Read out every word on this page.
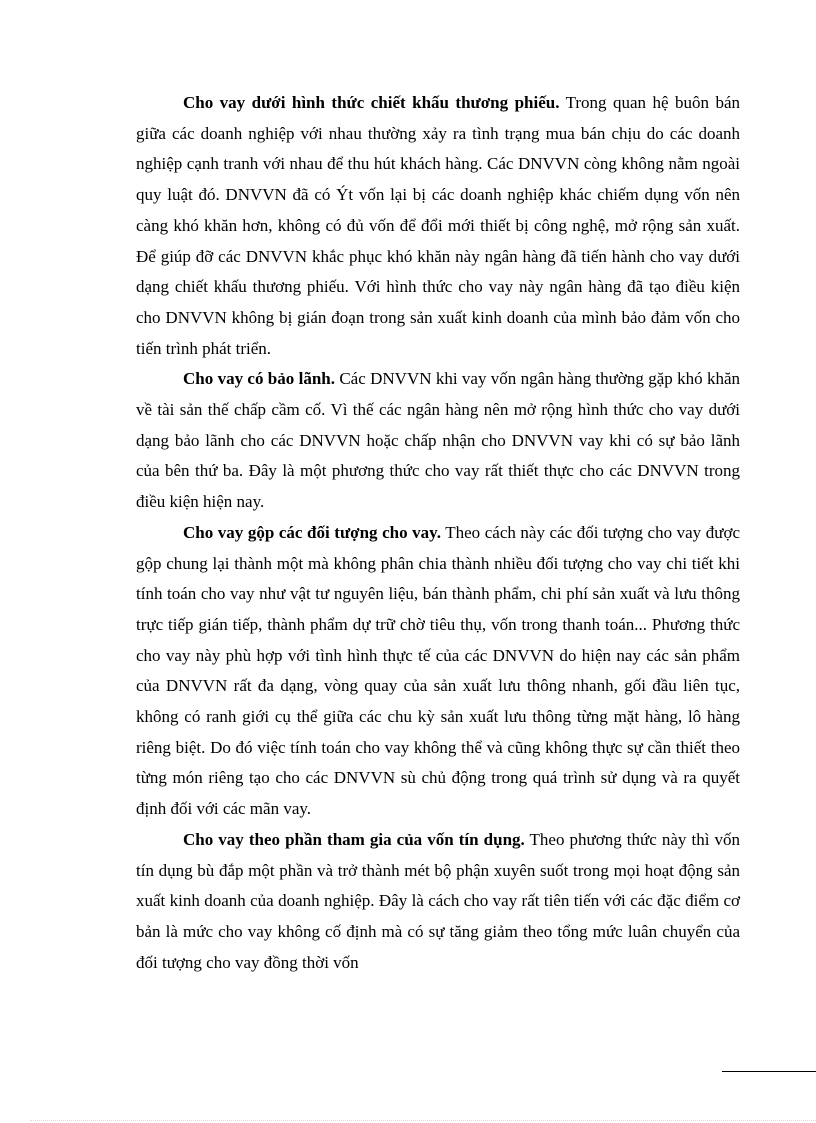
Cho vay dưới hình thức chiết khấu thương phiếu. Trong quan hệ buôn bán giữa các doanh nghiệp với nhau thường xảy ra tình trạng mua bán chịu do các doanh nghiệp cạnh tranh với nhau để thu hút khách hàng. Các DNVVN còng không nằm ngoài quy luật đó. DNVVN đã có Ýt vốn lại bị các doanh nghiệp khác chiếm dụng vốn nên càng khó khăn hơn, không có đủ vốn để đổi mới thiết bị công nghệ, mở rộng sản xuất. Để giúp đỡ các DNVVN khắc phục khó khăn này ngân hàng đã tiến hành cho vay dưới dạng chiết khấu thương phiếu. Với hình thức cho vay này ngân hàng đã tạo điều kiện cho DNVVN không bị gián đoạn trong sản xuất kinh doanh của mình bảo đảm vốn cho tiến trình phát triển.

Cho vay có bảo lãnh. Các DNVVN khi vay vốn ngân hàng thường gặp khó khăn về tài sản thế chấp cầm cố. Vì thế các ngân hàng nên mở rộng hình thức cho vay dưới dạng bảo lãnh cho các DNVVN hoặc chấp nhận cho DNVVN vay khi có sự bảo lãnh của bên thứ ba. Đây là một phương thức cho vay rất thiết thực cho các DNVVN trong điều kiện hiện nay.

Cho vay gộp các đối tượng cho vay. Theo cách này các đối tượng cho vay được gộp chung lại thành một mà không phân chia thành nhiều đối tượng cho vay chi tiết khi tính toán cho vay như vật tư nguyên liệu, bán thành phẩm, chi phí sản xuất và lưu thông trực tiếp gián tiếp, thành phẩm dự trữ chờ tiêu thụ, vốn trong thanh toán... Phương thức cho vay này phù hợp với tình hình thực tế của các DNVVN do hiện nay các sản phẩm của DNVVN rất đa dạng, vòng quay của sản xuất lưu thông nhanh, gối đầu liên tục, không có ranh giới cụ thể giữa các chu kỳ sản xuất lưu thông từng mặt hàng, lô hàng riêng biệt. Do đó việc tính toán cho vay không thể và cũng không thực sự cần thiết theo từng món riêng tạo cho các DNVVN sù chủ động trong quá trình sử dụng và ra quyết định đối với các mãn vay.

Cho vay theo phần tham gia của vốn tín dụng. Theo phương thức này thì vốn tín dụng bù đắp một phần và trở thành mét bộ phận xuyên suốt trong mọi hoạt động sản xuất kinh doanh của doanh nghiệp. Đây là cách cho vay rất tiên tiến với các đặc điểm cơ bản là mức cho vay không cố định mà có sự tăng giảm theo tổng mức luân chuyển của đối tượng cho vay đồng thời vốn
